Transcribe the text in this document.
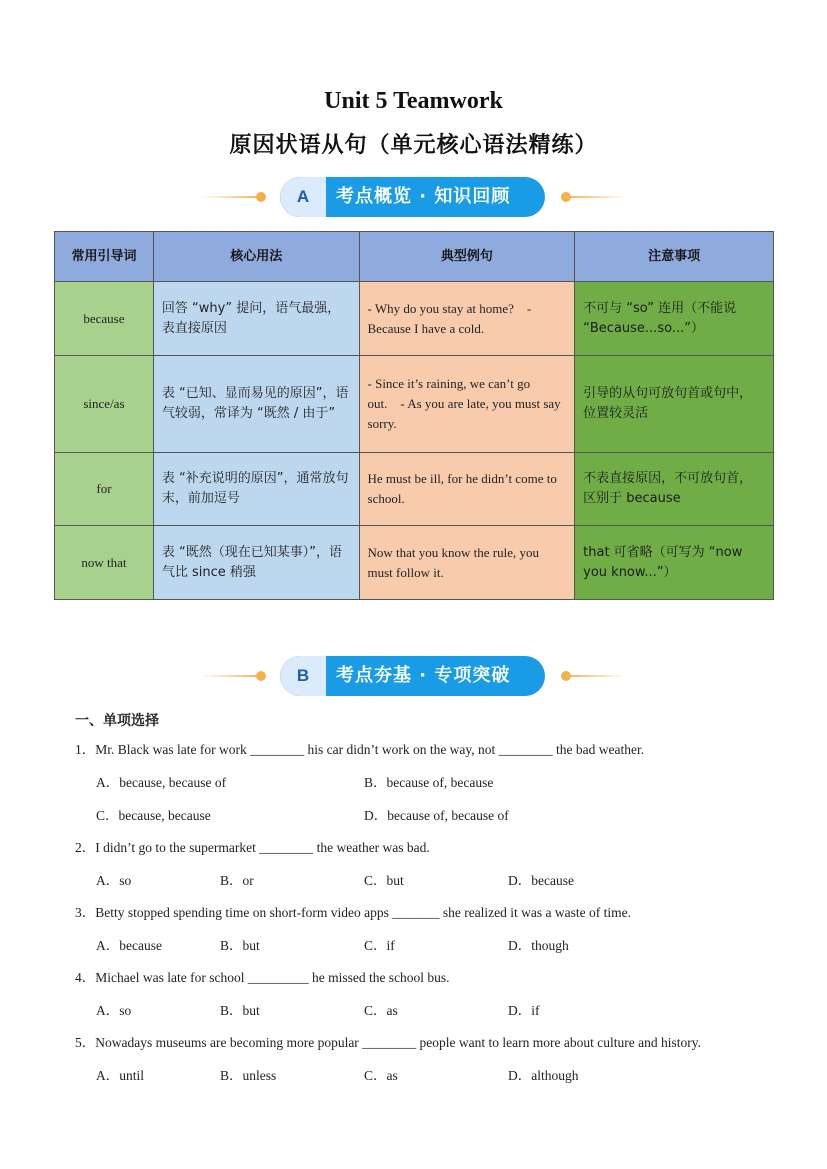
Unit 5 Teamwork
原因状语从句（单元核心语法精练）
A	考点概览 · 知识回顾
常用引导词	核心用法	典型例句	注意事项
because	回答 “why” 提问，语气最强，表直接原因	- Why do you stay at home?　- Because I have a cold.	不可与 “so” 连用（不能说 “Because...so...”）
since/as	表 “已知、显而易见的原因”，语气较弱，常译为 “既然 / 由于”	- Since it’s raining, we can’t go out.　- As you are late, you must say sorry.	引导的从句可放句首或句中，位置较灵活
for	表 “补充说明的原因”，通常放句末，前加逗号	He must be ill, for he didn’t come to school.	不表直接原因，不可放句首，区别于 because
now that	表 “既然（现在已知某事）”，语气比 since 稍强	Now that you know the rule, you must follow it.	that 可省略（可写为 “now you know...”）
B	考点夯基 · 专项突破
一、单项选择
1．Mr. Black was late for work ________ his car didn’t work on the way, not ________ the bad weather.
A．because, because of	B．because of, because
C．because, because	D．because of, because of
2．I didn’t go to the supermarket ________ the weather was bad.
A．so	B．or	C．but	D．because
3．Betty stopped spending time on short-form video apps _______ she realized it was a waste of time.
A．because	B．but	C．if	D．though
4．Michael was late for school _________ he missed the school bus.
A．so	B．but	C．as	D．if
5．Nowadays museums are becoming more popular ________ people want to learn more about culture and history.
A．until	B．unless	C．as	D．although
